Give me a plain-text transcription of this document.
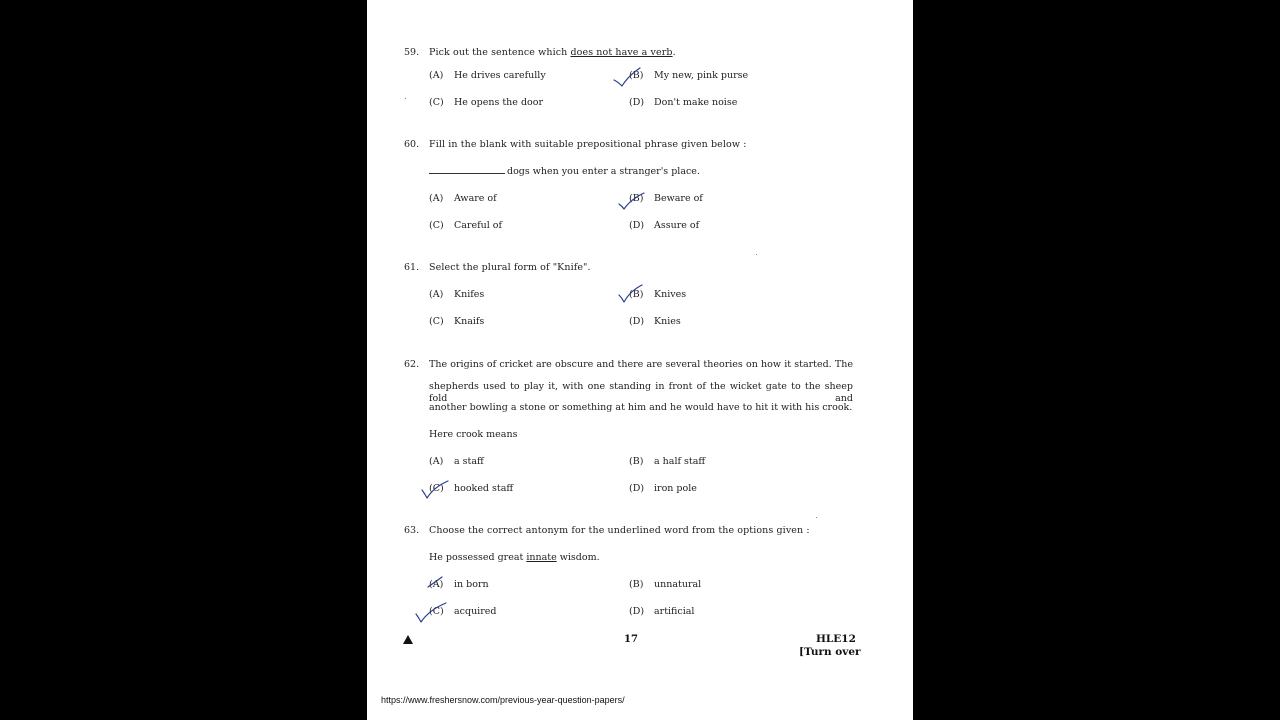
59. Pick out the sentence which does not have a verb.
(A) He drives carefully	(B) My new, pink purse
(C) He opens the door	(D) Don't make noise
60. Fill in the blank with suitable prepositional phrase given below :
dogs when you enter a stranger's place.
(A) Aware of	(B) Beware of
(C) Careful of	(D) Assure of
61. Select the plural form of "Knife".
(A) Knifes	(B) Knives
(C) Knaifs	(D) Knies
62. The origins of cricket are obscure and there are several theories on how it started. The
shepherds used to play it, with one standing in front of the wicket gate to the sheep fold and
another bowling a stone or something at him and he would have to hit it with his crook.
Here crook means
(A) a staff	(B) a half staff
(C) hooked staff	(D) iron pole
63. Choose the correct antonym for the underlined word from the options given :
He possessed great innate wisdom.
(A) in born	(B) unnatural
(C) acquired	(D) artificial
17	HLE12
[Turn over
https://www.freshersnow.com/previous-year-question-papers/
